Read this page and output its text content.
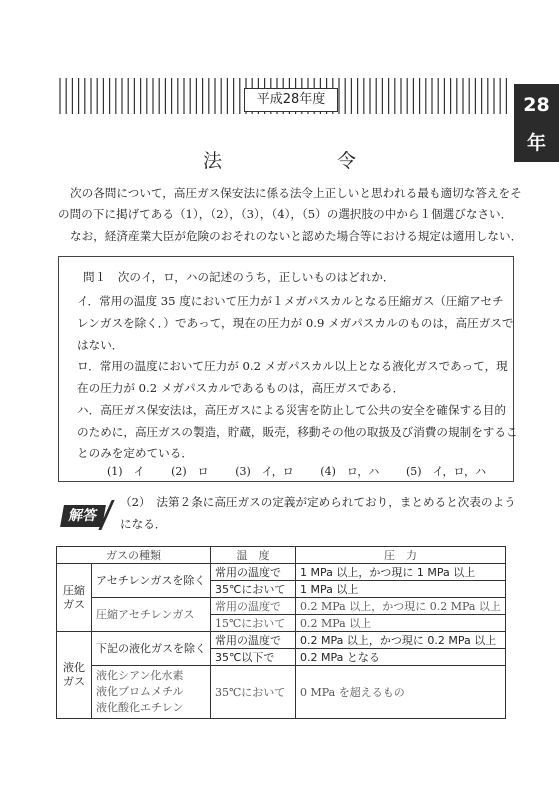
平成28年度	28
年
法　令
次の各問について，高圧ガス保安法に係る法令上正しいと思われる最も適切な答えをそ
の問の下に掲げてある（1），（2），（3），（4），（5）の選択肢の中から１個選びなさい．
なお，経済産業大臣が危険のおそれのないと認めた場合等における規定は適用しない．
問１　次のイ，ロ，ハの記述のうち，正しいものはどれか．
イ．常用の温度 35 度において圧力が１メガパスカルとなる圧縮ガス（圧縮アセチ
レンガスを除く．）であって，現在の圧力が 0.9 メガパスカルのものは，高圧ガスで
はない．
ロ．常用の温度において圧力が 0.2 メガパスカル以上となる液化ガスであって，現
在の圧力が 0.2 メガパスカルであるものは，高圧ガスである．
ハ．高圧ガス保安法は，高圧ガスによる災害を防止して公共の安全を確保する目的
のために，高圧ガスの製造，貯蔵，販売，移動その他の取扱及び消費の規制をするこ
とのみを定めている．
(1)　イ (2)　ロ (3)　イ，ロ (4)　ロ，ハ (5)　イ，ロ，ハ
解答
（2）　法第２条に高圧ガスの定義が定められており，まとめると次表のよう
になる．
ガスの種類		温　度	圧　力
圧縮
ガス	アセチレンガスを除く	常用の温度で	1 MPa 以上，かつ現に 1 MPa 以上
		35℃において	1 MPa 以上
	圧縮アセチレンガス	常用の温度で	0.2 MPa 以上，かつ現に 0.2 MPa 以上
		15℃において	0.2 MPa 以上
液化
ガス	下記の液化ガスを除く	常用の温度で	0.2 MPa 以上，かつ現に 0.2 MPa 以上
		35℃以下で	0.2 MPa となる

	液化シアン化水素
液化ブロムメチル
液化酸化エチレン	35℃において	0 MPa を超えるもの
